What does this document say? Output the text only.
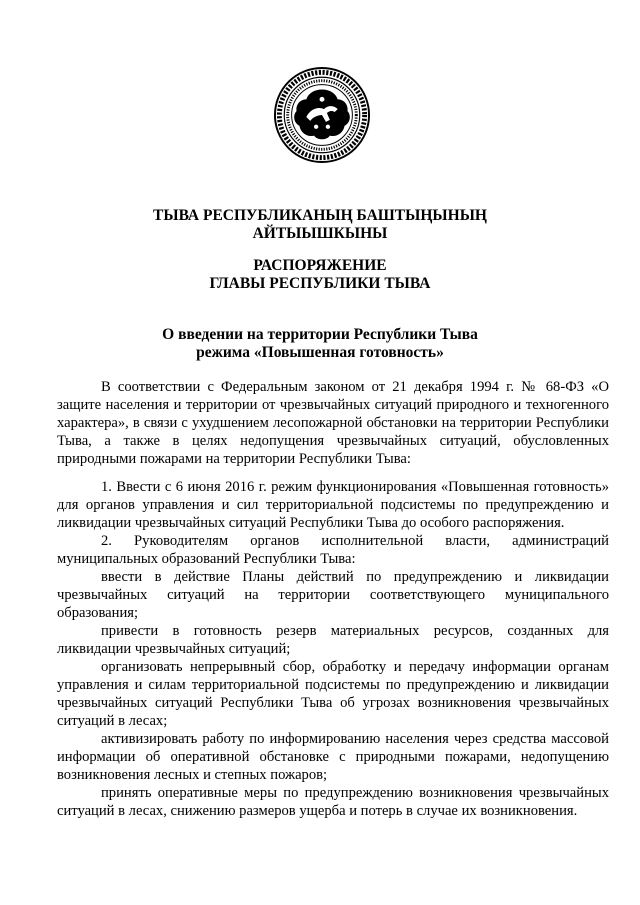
ТЫВА РЕСПУБЛИКАНЫҢ БАШТЫҢЫНЫҢ
АЙТЫЫШКЫНЫ
РАСПОРЯЖЕНИЕ
ГЛАВЫ РЕСПУБЛИКИ ТЫВА
О введении на территории Республики Тыва
режима «Повышенная готовность»

В соответствии с Федеральным законом от 21 декабря 1994 г. № 68-ФЗ «О защите населения и территории от чрезвычайных ситуаций природного и техногенного характера», в связи с ухудшением лесопожарной обстановки на территории Республики Тыва, а также в целях недопущения чрезвычайных ситуаций, обусловленных природными пожарами на территории Республики Тыва:

1. Ввести с 6 июня 2016 г. режим функционирования «Повышенная готовность» для органов управления и сил территориальной подсистемы по предупреждению и ликвидации чрезвычайных ситуаций Республики Тыва до особого распоряжения.

2. Руководителям органов исполнительной власти, администраций муниципальных образований Республики Тыва:

ввести в действие Планы действий по предупреждению и ликвидации чрезвычайных ситуаций на территории соответствующего муниципального образования;

привести в готовность резерв материальных ресурсов, созданных для ликвидации чрезвычайных ситуаций;

организовать непрерывный сбор, обработку и передачу информации органам управления и силам территориальной подсистемы по предупреждению и ликвидации чрезвычайных ситуаций Республики Тыва об угрозах возникновения чрезвычайных ситуаций в лесах;

активизировать работу по информированию населения через средства массовой информации об оперативной обстановке с природными пожарами, недопущению возникновения лесных и степных пожаров;

принять оперативные меры по предупреждению возникновения чрезвычайных ситуаций в лесах, снижению размеров ущерба и потерь в случае их возникновения.
